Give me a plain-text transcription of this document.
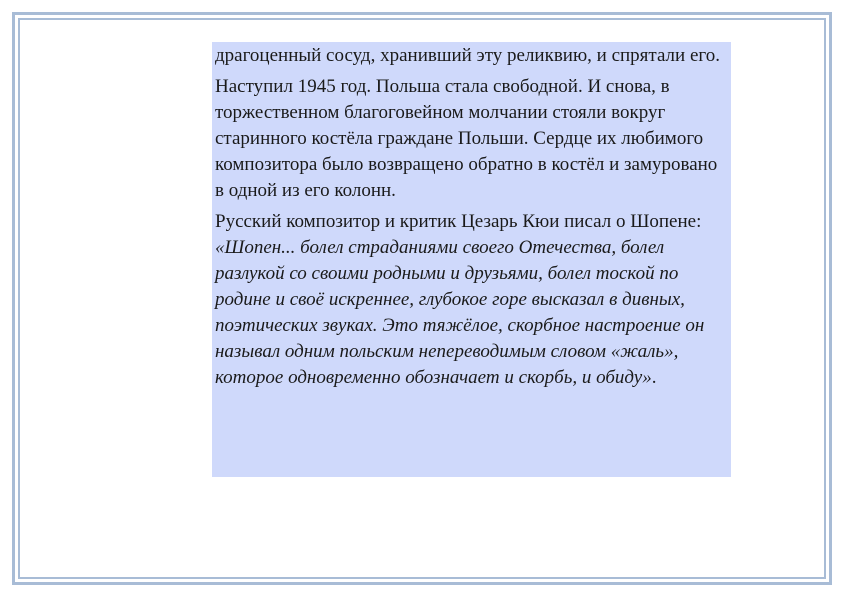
драгоценный сосуд, хранивший эту реликвию, и спрятали его.

Наступил 1945 год. Польша стала свободной. И снова, в торжественном благоговейном молчании стояли вокруг старинного костёла граждане Польши. Сердце их любимого композитора было возвращено обратно в костёл и замуровано в одной из его колонн.

Русский композитор и критик Цезарь Кюи писал о Шопене: «Шопен... болел страданиями своего Отечества, болел разлукой со своими родными и друзьями, болел тоской по родине и своё искреннее, глубокое горе высказал в дивных, поэтических звуках. Это тяжёлое, скорбное настроение он называл одним польским непереводимым словом «жаль», которое одновременно обозначает и скорбь, и обиду».
